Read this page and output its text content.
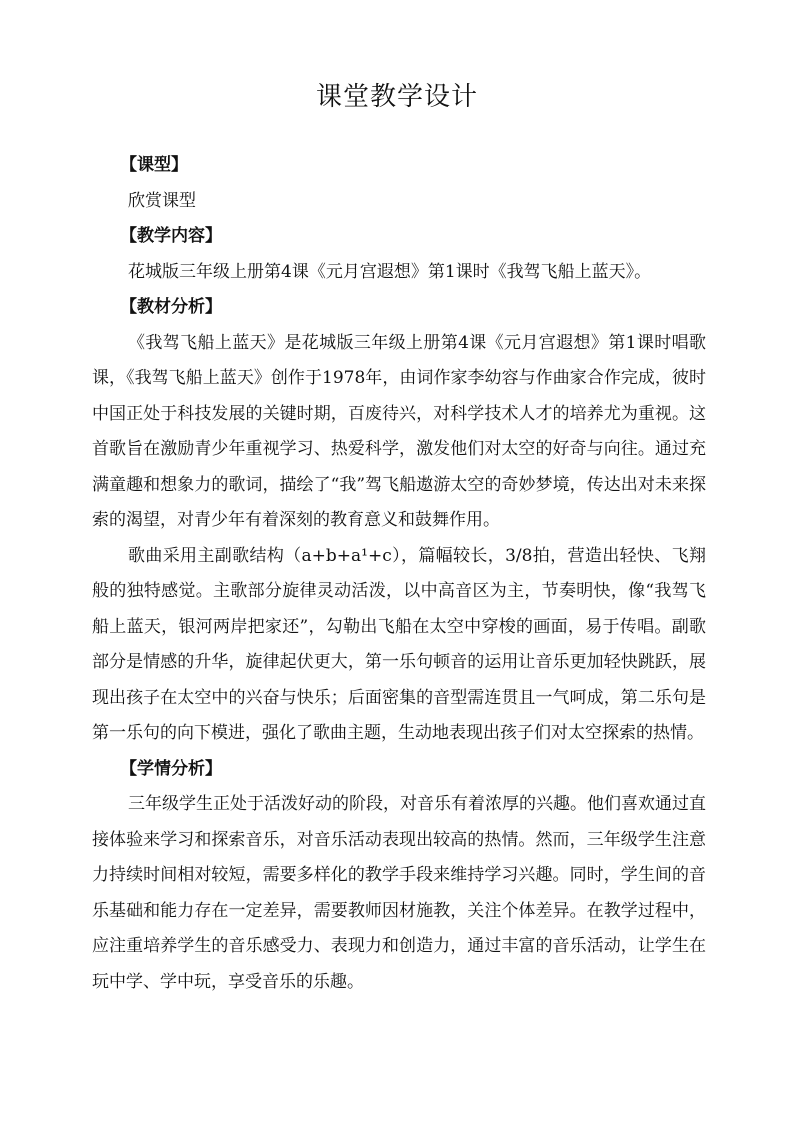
课堂教学设计
【课型】
欣赏课型
【教学内容】
花城版三年级上册第4课《元月宫遐想》第1课时《我驾飞船上蓝天》。
【教材分析】

《我驾飞船上蓝天》是花城版三年级上册第4课《元月宫遐想》第1课时唱歌课，《我驾飞船上蓝天》创作于1978年，由词作家李幼容与作曲家合作完成，彼时中国正处于科技发展的关键时期，百废待兴，对科学技术人才的培养尤为重视。这首歌旨在激励青少年重视学习、热爱科学，激发他们对太空的好奇与向往。通过充满童趣和想象力的歌词，描绘了“我”驾飞船遨游太空的奇妙梦境，传达出对未来探索的渴望，对青少年有着深刻的教育意义和鼓舞作用。

歌曲采用主副歌结构（a+b+a¹+c），篇幅较长，3/8拍，营造出轻快、飞翔般的独特感觉。主歌部分旋律灵动活泼，以中高音区为主，节奏明快，像“我驾飞船上蓝天，银河两岸把家还”，勾勒出飞船在太空中穿梭的画面，易于传唱。副歌部分是情感的升华，旋律起伏更大，第一乐句顿音的运用让音乐更加轻快跳跃，展现出孩子在太空中的兴奋与快乐；后面密集的音型需连贯且一气呵成，第二乐句是第一乐句的向下模进，强化了歌曲主题，生动地表现出孩子们对太空探索的热情。

【学情分析】

三年级学生正处于活泼好动的阶段，对音乐有着浓厚的兴趣。他们喜欢通过直接体验来学习和探索音乐，对音乐活动表现出较高的热情。然而，三年级学生注意力持续时间相对较短，需要多样化的教学手段来维持学习兴趣。同时，学生间的音乐基础和能力存在一定差异，需要教师因材施教，关注个体差异。在教学过程中，应注重培养学生的音乐感受力、表现力和创造力，通过丰富的音乐活动，让学生在玩中学、学中玩，享受音乐的乐趣。
